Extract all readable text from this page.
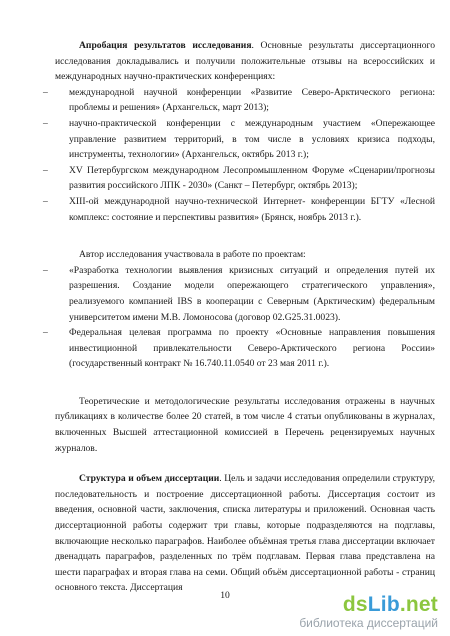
Апробация результатов исследования. Основные результаты диссертационного исследования докладывались и получили положительные отзывы на всероссийских и международных научно-практических конференциях:

– международной научной конференции «Развитие Северо-Арктического региона: проблемы и решения» (Архангельск, март 2013);
– научно-практической конференции с международным участием «Опережающее управление развитием территорий, в том числе в условиях кризиса подходы, инструменты, технологии» (Архангельск, октябрь 2013 г.);
– XV Петербургском международном Лесопромышленном Форуме «Сценарии/прогнозы развития российского ЛПК - 2030» (Санкт – Петербург, октябрь 2013);
– XIII-ой международной научно-технической Интернет- конференции БГТУ «Лесной комплекс: состояние и перспективы развития» (Брянск, ноябрь 2013 г.).

Автор исследования участвовала в работе по проектам:

– «Разработка технологии выявления кризисных ситуаций и определения путей их разрешения. Создание модели опережающего стратегического управления», реализуемого компанией IBS в кооперации с Северным (Арктическим) федеральным университетом имени М.В. Ломоносова (договор 02.G25.31.0023).
– Федеральная целевая программа по проекту «Основные направления повышения инвестиционной привлекательности Северо-Арктического региона России» (государственный контракт № 16.740.11.0540 от 23 мая 2011 г.).

Теоретические и методологические результаты исследования отражены в научных публикациях в количестве более 20 статей, в том числе 4 статьи опубликованы в журналах, включенных Высшей аттестационной комиссией в Перечень рецензируемых научных журналов.

Структура и объем диссертации. Цель и задачи исследования определили структуру, последовательность и построение диссертационной работы. Диссертация состоит из введения, основной части, заключения, списка литературы и приложений. Основная часть диссертационной работы содержит три главы, которые подразделяются на подглавы, включающие несколько параграфов. Наиболее объёмная третья глава диссертации включает двенадцать параграфов, разделенных по трём подглавам. Первая глава представлена на шести параграфах и вторая глава на семи. Общий объём диссертационной работы - страниц основного текста. Диссертация

10	dsLib.net
библиотека диссертаций
